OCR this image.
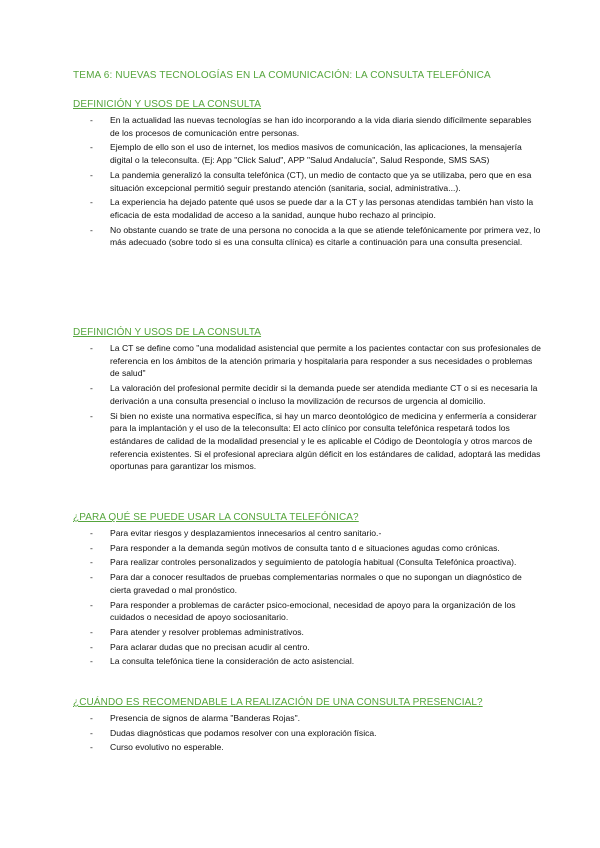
TEMA 6: NUEVAS TECNOLOGÍAS EN LA COMUNICACIÓN: LA CONSULTA TELEFÓNICA
DEFINICIÓN Y USOS DE LA CONSULTA
- En la actualidad las nuevas tecnologías se han ido incorporando a la vida diaria siendo difícilmente separables de los procesos de comunicación entre personas.
- Ejemplo de ello son el uso de internet, los medios masivos de comunicación, las aplicaciones, la mensajería digital o la teleconsulta. (Ej: App "Click Salud", APP "Salud Andalucía", Salud Responde, SMS SAS)
- La pandemia generalizó la consulta telefónica (CT), un medio de contacto que ya se utilizaba, pero que en esa situación excepcional permitió seguir prestando atención (sanitaria, social, administrativa...).
- La experiencia ha dejado patente qué usos se puede dar a la CT y las personas atendidas también han visto la eficacia de esta modalidad de acceso a la sanidad, aunque hubo rechazo al principio.
- No obstante cuando se trate de una persona no conocida a la que se atiende telefónicamente por primera vez, lo más adecuado (sobre todo si es una consulta clínica) es citarle a continuación para una consulta presencial.
DEFINICIÓN Y USOS DE LA CONSULTA
- La CT se define como "una modalidad asistencial que permite a los pacientes contactar con sus profesionales de referencia en los ámbitos de la atención primaria y hospitalaria para responder a sus necesidades o problemas de salud"
- La valoración del profesional permite decidir si la demanda puede ser atendida mediante CT o si es necesaria la derivación a una consulta presencial o incluso la movilización de recursos de urgencia al domicilio.
- Si bien no existe una normativa específica, si hay un marco deontológico de medicina y enfermería a considerar para la implantación y el uso de la teleconsulta: El acto clínico por consulta telefónica respetará todos los estándares de calidad de la modalidad presencial y le es aplicable el Código de Deontología y otros marcos de referencia existentes. Si el profesional apreciara algún déficit en los estándares de calidad, adoptará las medidas oportunas para garantizar los mismos.
¿PARA QUÉ SE PUEDE USAR LA CONSULTA TELEFÓNICA?
- Para evitar riesgos y desplazamientos innecesarios al centro sanitario.-
- Para responder a la demanda según motivos de consulta tanto d e situaciones agudas como crónicas.
- Para realizar controles personalizados y seguimiento de patología habitual (Consulta Telefónica proactiva).
- Para dar a conocer resultados de pruebas complementarias normales o que no supongan un diagnóstico de cierta gravedad o mal pronóstico.
- Para responder a problemas de carácter psico-emocional, necesidad de apoyo para la organización de los cuidados o necesidad de apoyo sociosanitario.
- Para atender y resolver problemas administrativos.
- Para aclarar dudas que no precisan acudir al centro.
- La consulta telefónica tiene la consideración de acto asistencial.
¿CUÁNDO ES RECOMENDABLE LA REALIZACIÓN DE UNA CONSULTA PRESENCIAL?
- Presencia de signos de alarma "Banderas Rojas".
- Dudas diagnósticas que podamos resolver con una exploración física.
- Curso evolutivo no esperable.
